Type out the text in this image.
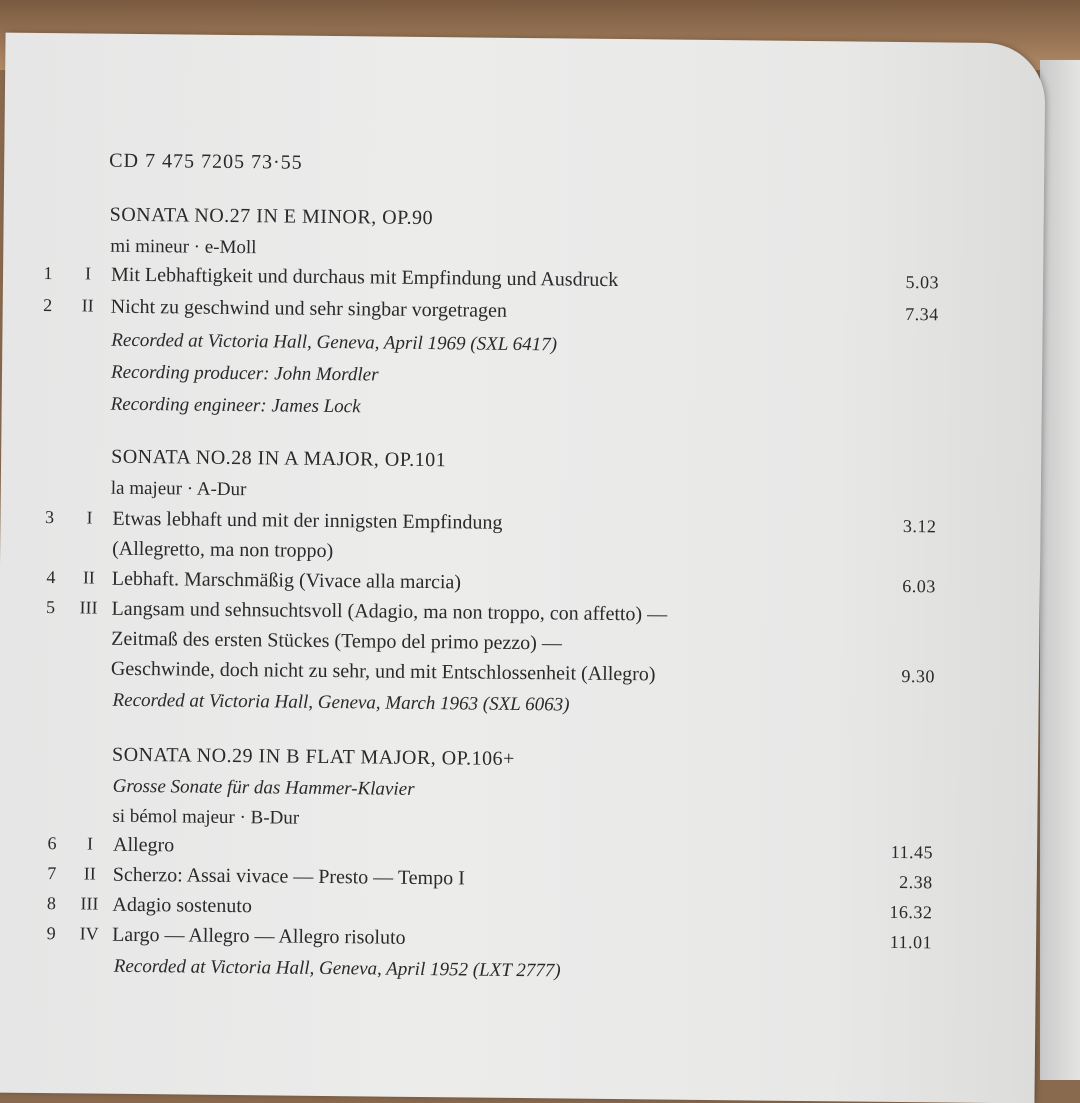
CD 7 475 7205 73·55
SONATA NO.27 IN E MINOR, OP.90
mi mineur · e-Moll
1	I Mit Lebhaftigkeit und durchaus mit Empfindung und Ausdruck	5.03
2	II Nicht zu geschwind und sehr singbar vorgetragen	7.34
Recorded at Victoria Hall, Geneva, April 1969 (SXL 6417)
Recording producer: John Mordler
Recording engineer: James Lock
SONATA NO.28 IN A MAJOR, OP.101
la majeur · A-Dur
3	I Etwas lebhaft und mit der innigsten Empfindung	3.12
(Allegretto, ma non troppo)
4	II Lebhaft. Marschmäßig (Vivace alla marcia)	6.03
5	III Langsam und sehnsuchtsvoll (Adagio, ma non troppo, con affetto) —
Zeitmaß des ersten Stückes (Tempo del primo pezzo) —
Geschwinde, doch nicht zu sehr, und mit Entschlossenheit (Allegro)	9.30
Recorded at Victoria Hall, Geneva, March 1963 (SXL 6063)
SONATA NO.29 IN B FLAT MAJOR, OP.106+
Grosse Sonate für das Hammer-Klavier
si bémol majeur · B-Dur
6	I Allegro	11.45
7	II Scherzo: Assai vivace — Presto — Tempo I	2.38
8	III Adagio sostenuto	16.32
9	IV Largo — Allegro — Allegro risoluto	11.01
Recorded at Victoria Hall, Geneva, April 1952 (LXT 2777)
